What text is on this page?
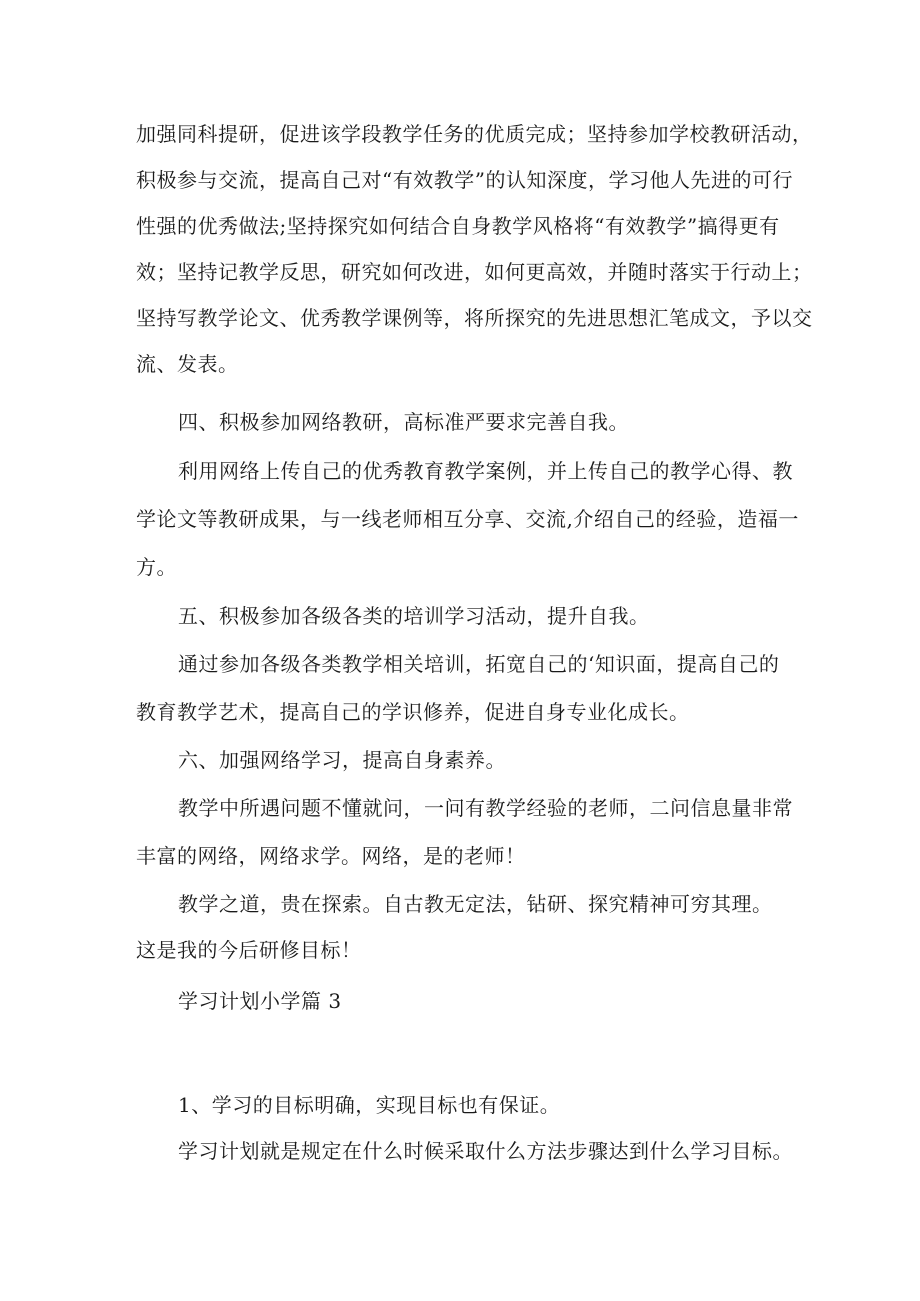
加强同科提研，促进该学段教学任务的优质完成；坚持参加学校教研活动，
积极参与交流，提高自己对“有效教学”的认知深度，学习他人先进的可行
性强的优秀做法;坚持探究如何结合自身教学风格将“有效教学”搞得更有
效；坚持记教学反思，研究如何改进，如何更高效，并随时落实于行动上；
坚持写教学论文、优秀教学课例等，将所探究的先进思想汇笔成文，予以交
流、发表。
四、积极参加网络教研，高标准严要求完善自我。
利用网络上传自己的优秀教育教学案例，并上传自己的教学心得、教
学论文等教研成果，与一线老师相互分享、交流,介绍自己的经验，造福一
方。
五、积极参加各级各类的培训学习活动，提升自我。
通过参加各级各类教学相关培训，拓宽自己的‘知识面，提高自己的
教育教学艺术，提高自己的学识修养，促进自身专业化成长。
六、加强网络学习，提高自身素养。
教学中所遇问题不懂就问，一问有教学经验的老师，二问信息量非常
丰富的网络，网络求学。网络，是的老师！
教学之道，贵在探索。自古教无定法，钻研、探究精神可穷其理。
这是我的今后研修目标！
学习计划小学篇 3
1、学习的目标明确，实现目标也有保证。
学习计划就是规定在什么时候采取什么方法步骤达到什么学习目标。
